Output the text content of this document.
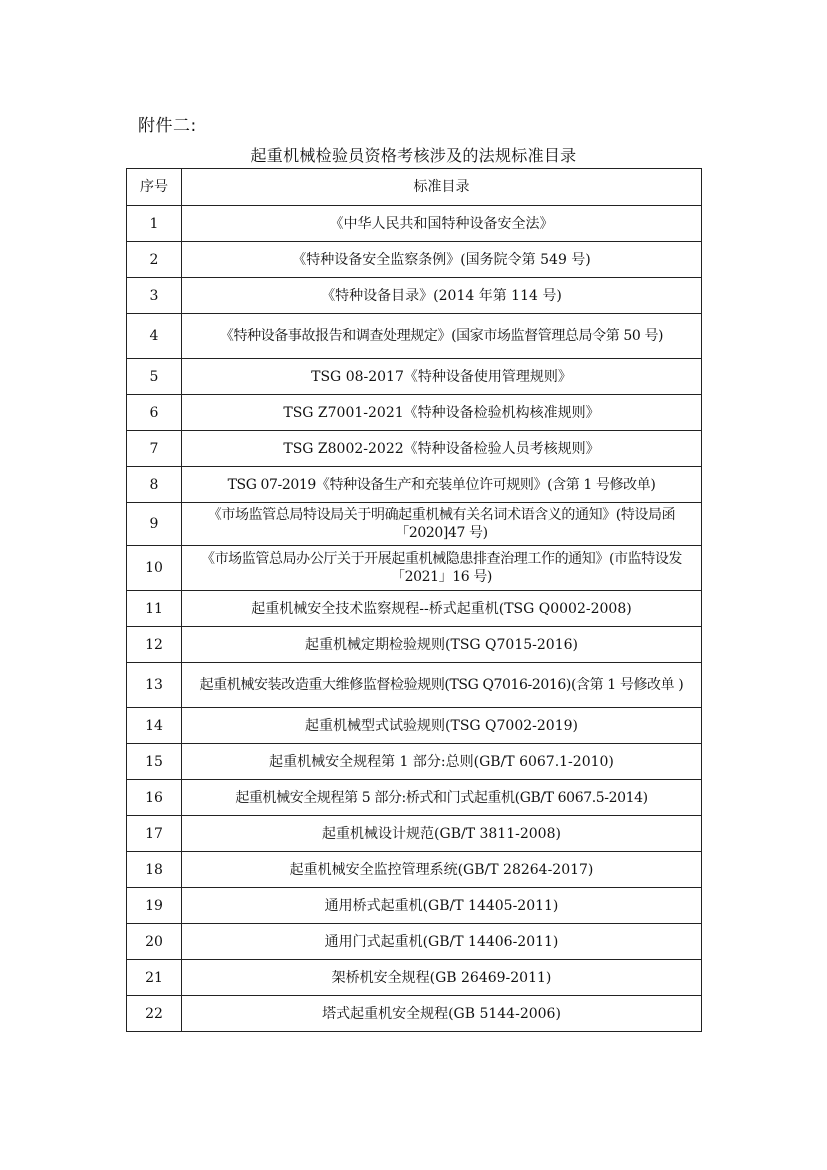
附件二:
起重机械检验员资格考核涉及的法规标准目录
序号	标准目录
1	《中华人民共和国特种设备安全法》
2	《特种设备安全监察条例》(国务院令第 549 号)
3	《特种设备目录》(2014 年第 114 号)
4	《特种设备事故报告和调查处理规定》(国家市场监督管理总局令第 50 号)
5	TSG 08-2017《特种设备使用管理规则》
6	TSG Z7001-2021《特种设备检验机构核准规则》
7	TSG Z8002-2022《特种设备检验人员考核规则》
8	TSG 07-2019《特种设备生产和充装单位许可规则》(含第 1 号修改单)
9	《市场监管总局特设局关于明确起重机械有关名词术语含义的通知》(特设局函「2020]47 号)
10	《市场监管总局办公厅关于开展起重机械隐患排查治理工作的通知》(市监特设发「2021」16 号)
11	起重机械安全技术监察规程--桥式起重机(TSG Q0002-2008)
12	起重机械定期检验规则(TSG Q7015-2016)
13	起重机械安装改造重大维修监督检验规则(TSG Q7016-2016)(含第 1 号修改单 )
14	起重机械型式试验规则(TSG Q7002-2019)
15	起重机械安全规程第 1 部分:总则(GB/T 6067.1-2010)
16	起重机械安全规程第 5 部分:桥式和门式起重机(GB/T 6067.5-2014)
17	起重机械设计规范(GB/T 3811-2008)
18	起重机械安全监控管理系统(GB/T 28264-2017)
19	通用桥式起重机(GB/T 14405-2011)
20	通用门式起重机(GB/T 14406-2011)
21	架桥机安全规程(GB 26469-2011)
22	塔式起重机安全规程(GB 5144-2006)
